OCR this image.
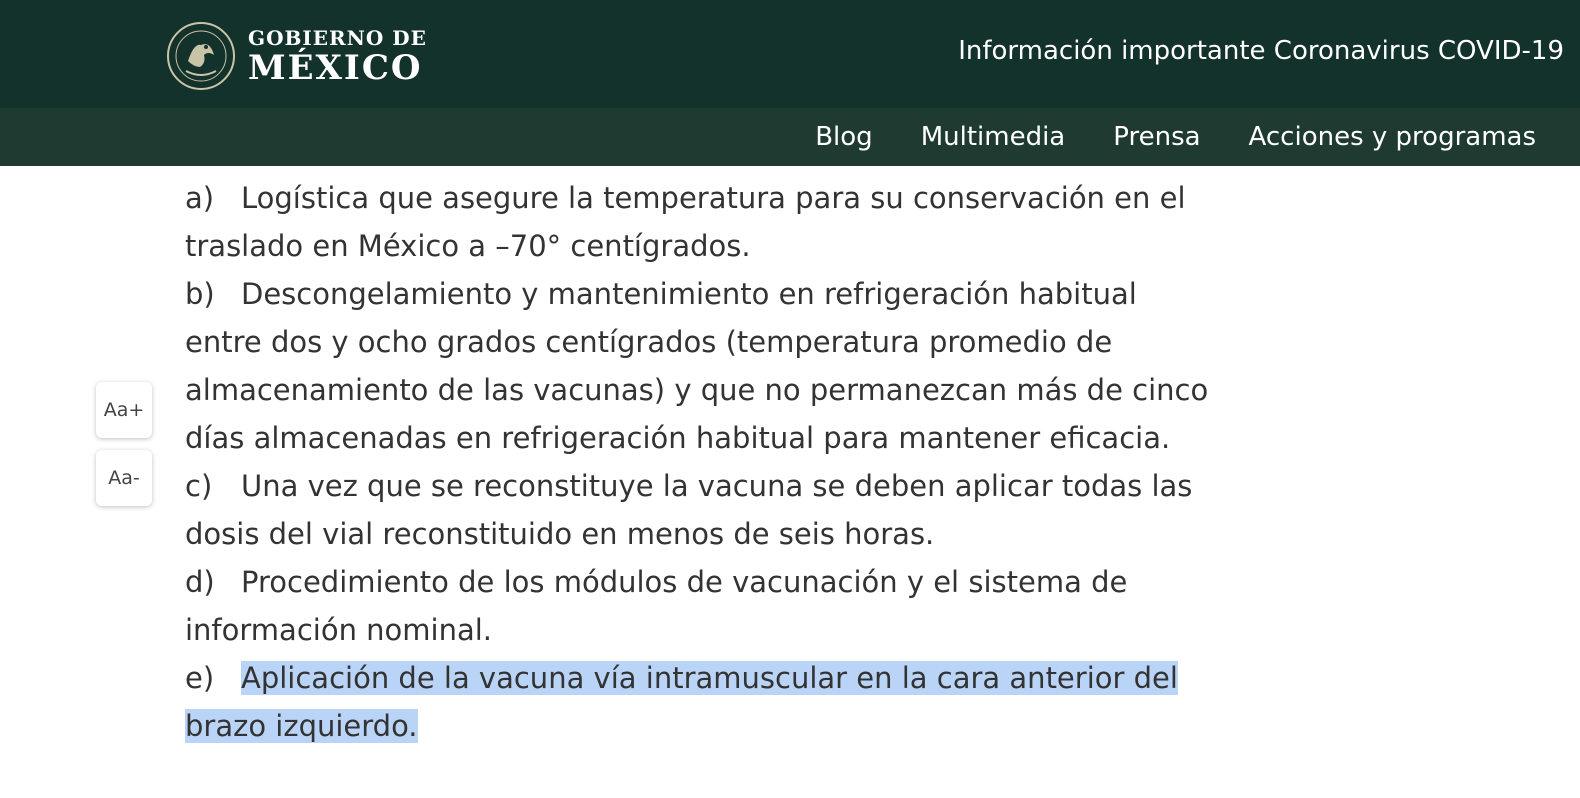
GOBIERNO DE
MÉXICO	Información importante Coronavirus COVID-19
Blog Multimedia Prensa Acciones y programas
Aa+
Aa-

a) Logística que asegure la temperatura para su conservación en el traslado en México a –70° centígrados.

b) Descongelamiento y mantenimiento en refrigeración habitual entre dos y ocho grados centígrados (temperatura promedio de almacenamiento de las vacunas) y que no permanezcan más de cinco días almacenadas en refrigeración habitual para mantener eficacia.

c) Una vez que se reconstituye la vacuna se deben aplicar todas las dosis del vial reconstituido en menos de seis horas.

d) Procedimiento de los módulos de vacunación y el sistema de información nominal.

e) Aplicación de la vacuna vía intramuscular en la cara anterior del brazo izquierdo.
